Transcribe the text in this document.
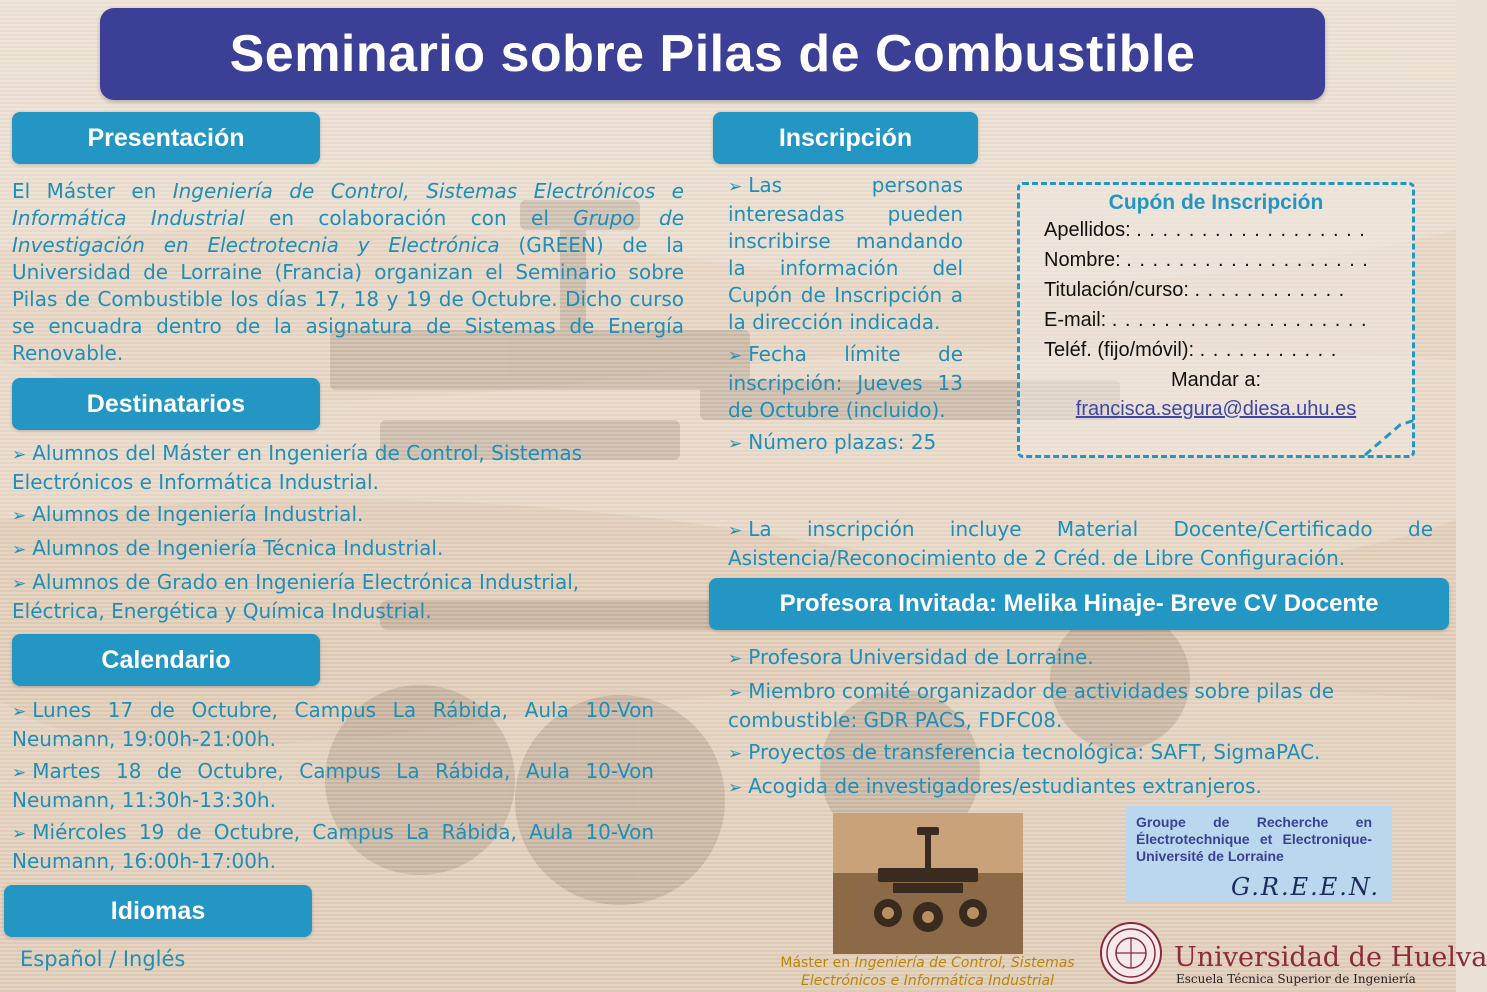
Seminario sobre Pilas de Combustible
Presentación
El Máster en Ingeniería de Control, Sistemas Electrónicos e Informática Industrial en colaboración con el Grupo de Investigación en Electrotecnia y Electrónica (GREEN) de la Universidad de Lorraine (Francia) organizan el Seminario sobre Pilas de Combustible los días 17, 18 y 19 de Octubre. Dicho curso se encuadra dentro de la asignatura de Sistemas de Energía Renovable.
Destinatarios
➢ Alumnos del Máster en Ingeniería de Control, Sistemas Electrónicos e Informática Industrial.
➢ Alumnos de Ingeniería Industrial.
➢ Alumnos de Ingeniería Técnica Industrial.
➢ Alumnos de Grado en Ingeniería Electrónica Industrial, Eléctrica, Energética y Química Industrial.
Calendario
➢ Lunes 17 de Octubre, Campus La Rábida, Aula 10-Von Neumann, 19:00h-21:00h.
➢ Martes 18 de Octubre, Campus La Rábida, Aula 10-Von Neumann, 11:30h-13:30h.
➢ Miércoles 19 de Octubre, Campus La Rábida, Aula 10-Von Neumann, 16:00h-17:00h.
Idiomas
Español / Inglés
Inscripción
➢ Las personas interesadas pueden inscribirse mandando la información del Cupón de Inscripción a la dirección indicada.
➢ Fecha límite de inscripción: Jueves 13 de Octubre (incluido).
➢ Número plazas: 25
➢ La inscripción incluye Material Docente/Certificado de Asistencia/Reconocimiento de 2 Créd. de Libre Configuración.
Cupón de Inscripción
Apellidos: . . . . . . . . . . . . . . . . . .
Nombre: . . . . . . . . . . . . . . . . . . .
Titulación/curso: . . . . . . . . . . . .
E-mail: . . . . . . . . . . . . . . . . . . . .
Teléf. (fijo/móvil): . . . . . . . . . . .
Mandar a:
francisca.segura@diesa.uhu.es
Profesora Invitada: Melika Hinaje- Breve CV Docente
➢ Profesora Universidad de Lorraine.
➢ Miembro comité organizador de actividades sobre pilas de combustible: GDR PACS, FDFC08.
➢ Proyectos de transferencia tecnológica: SAFT, SigmaPAC.
➢ Acogida de investigadores/estudiantes extranjeros.
Groupe de Recherche en Électrotechnique et Electronique- Université de Lorraine
G.R.E.E.N.
Máster en Ingeniería de Control, Sistemas Electrónicos e Informática Industrial
Universidad de Huelva
Escuela Técnica Superior de Ingeniería
